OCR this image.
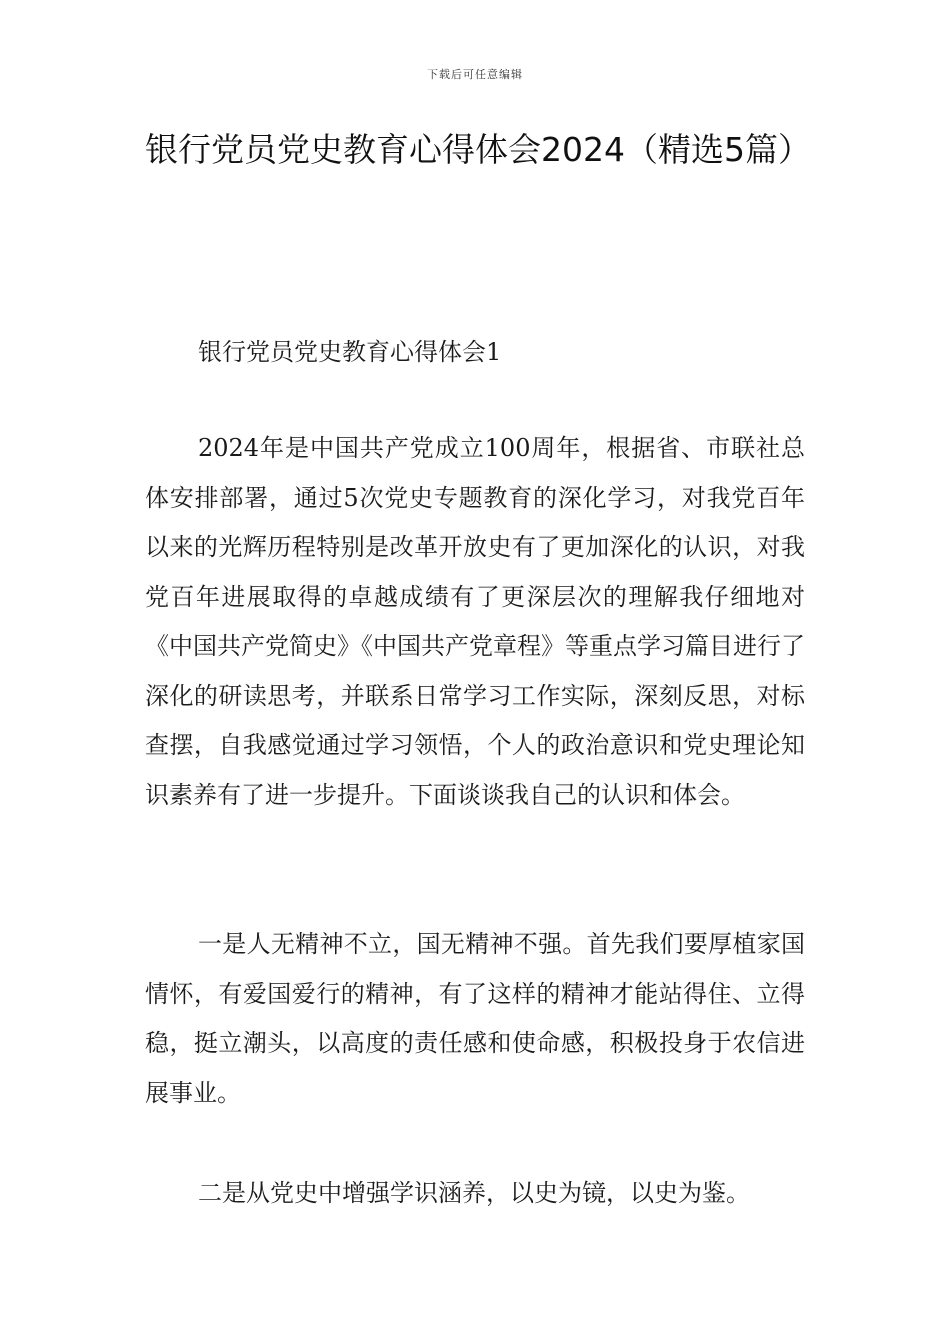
下载后可任意编辑
银行党员党史教育心得体会2024（精选5篇）
银行党员党史教育心得体会1

2024年是中国共产党成立100周年，根据省、市联社总体安排部署，通过5次党史专题教育的深化学习，对我党百年以来的光辉历程特别是改革开放史有了更加深化的认识，对我党百年进展取得的卓越成绩有了更深层次的理解我仔细地对《中国共产党简史》《中国共产党章程》等重点学习篇目进行了深化的研读思考，并联系日常学习工作实际，深刻反思，对标查摆，自我感觉通过学习领悟，个人的政治意识和党史理论知识素养有了进一步提升。下面谈谈我自己的认识和体会。

一是人无精神不立，国无精神不强。首先我们要厚植家国情怀，有爱国爱行的精神，有了这样的精神才能站得住、立得稳，挺立潮头，以高度的责任感和使命感，积极投身于农信进展事业。

二是从党史中增强学识涵养，以史为镜，以史为鉴。
